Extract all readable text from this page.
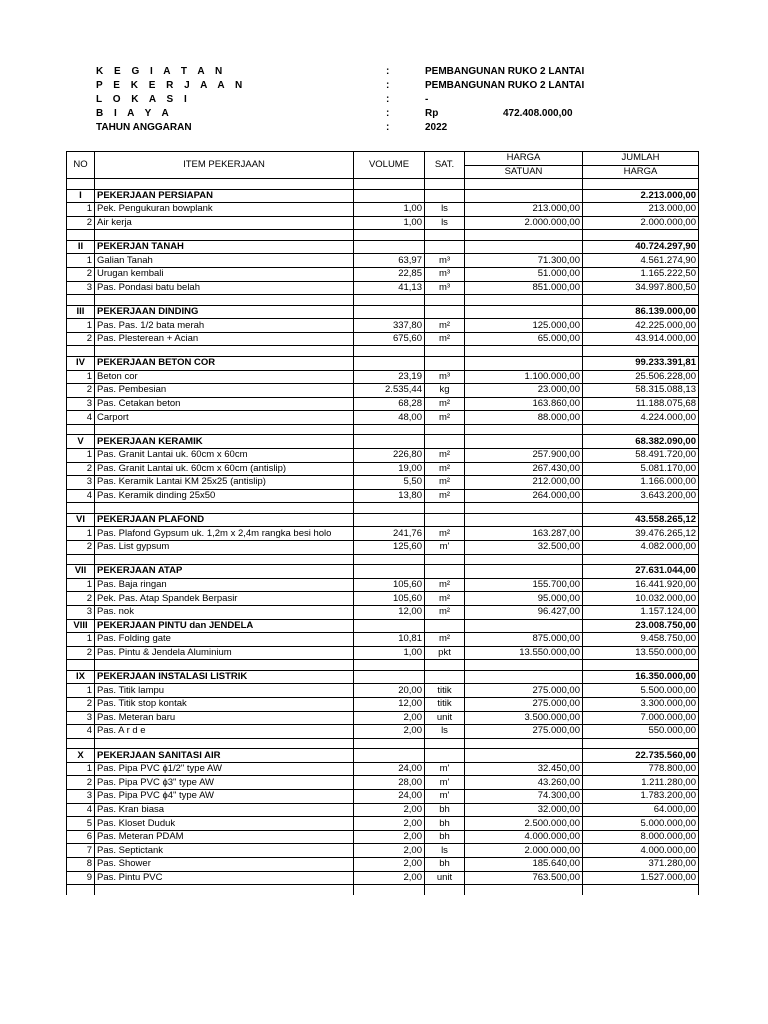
K E G I A T A N	:	PEMBANGUNAN RUKO 2 LANTAI
P E K E R J A A N	:	PEMBANGUNAN RUKO 2 LANTAI
L O K A S I	:	-
B I A Y A	:	Rp	472.408.000,00
TAHUN ANGGARAN	:	2022
NO	ITEM PEKERJAAN	VOLUME	SAT.	HARGA	JUMLAH
				SATUAN	HARGA

I	PEKERJAAN PERSIAPAN				2.213.000,00
1	Pek. Pengukuran bowplank	1,00	ls	213.000,00	213.000,00
2	Air kerja	1,00	ls	2.000.000,00	2.000.000,00

II	PEKERJAN TANAH				40.724.297,90
1	Galian Tanah	63,97	m³	71.300,00	4.561.274,90
2	Urugan kembali	22,85	m³	51.000,00	1.165.222,50
3	Pas. Pondasi batu belah	41,13	m³	851.000,00	34.997.800,50

III	PEKERJAAN DINDING				86.139.000,00
1	Pas. Pas. 1/2 bata merah	337,80	m²	125.000,00	42.225.000,00
2	Pas. Plesterean + Acian	675,60	m²	65.000,00	43.914.000,00

IV	PEKERJAAN BETON COR				99.233.391,81
1	Beton cor	23,19	m³	1.100.000,00	25.506.228,00
2	Pas. Pembesian	2.535,44	kg	23.000,00	58.315.088,13
3	Pas. Cetakan beton	68,28	m²	163.860,00	11.188.075,68
4	Carport	48,00	m²	88.000,00	4.224.000,00

V	PEKERJAAN KERAMIK				68.382.090,00
1	Pas. Granit Lantai uk. 60cm x 60cm	226,80	m²	257.900,00	58.491.720,00
2	Pas. Granit Lantai uk. 60cm x 60cm (antislip)	19,00	m²	267.430,00	5.081.170,00
3	Pas. Keramik Lantai KM 25x25 (antislip)	5,50	m²	212.000,00	1.166.000,00
4	Pas. Keramik dinding 25x50	13,80	m²	264.000,00	3.643.200,00

VI	PEKERJAAN PLAFOND				43.558.265,12
1	Pas. Plafond Gypsum uk. 1,2m x 2,4m rangka besi holo	241,76	m²	163.287,00	39.476.265,12
2	Pas. List gypsum	125,60	m'	32.500,00	4.082.000,00

VII	PEKERJAAN ATAP				27.631.044,00
1	Pas. Baja ringan	105,60	m²	155.700,00	16.441.920,00
2	Pek. Pas. Atap Spandek Berpasir	105,60	m²	95.000,00	10.032.000,00
3	Pas. nok	12,00	m²	96.427,00	1.157.124,00
VIII	PEKERJAAN PINTU dan JENDELA				23.008.750,00
1	Pas. Folding gate	10,81	m²	875.000,00	9.458.750,00
2	Pas. Pintu & Jendela Aluminium	1,00	pkt	13.550.000,00	13.550.000,00

IX	PEKERJAAN INSTALASI LISTRIK				16.350.000,00
1	Pas. Titik lampu	20,00	titik	275.000,00	5.500.000,00
2	Pas. Titik stop kontak	12,00	titik	275.000,00	3.300.000,00
3	Pas. Meteran baru	2,00	unit	3.500.000,00	7.000.000,00
4	Pas. A r d e	2,00	ls	275.000,00	550.000,00

X	PEKERJAAN SANITASI AIR				22.735.560,00
1	Pas. Pipa PVC ɸ1/2" type AW	24,00	m'	32.450,00	778.800,00
2	Pas. Pipa PVC ɸ3" type AW	28,00	m'	43.260,00	1.211.280,00
3	Pas. Pipa PVC ɸ4" type AW	24,00	m'	74.300,00	1.783.200,00
4	Pas. Kran biasa	2,00	bh	32.000,00	64.000,00
5	Pas. Kloset Duduk	2,00	bh	2.500.000,00	5.000.000,00
6	Pas. Meteran PDAM	2,00	bh	4.000.000,00	8.000.000,00
7	Pas. Septictank	2,00	ls	2.000.000,00	4.000.000,00
8	Pas. Shower	2,00	bh	185.640,00	371.280,00
9	Pas. Pintu PVC	2,00	unit	763.500,00	1.527.000,00
